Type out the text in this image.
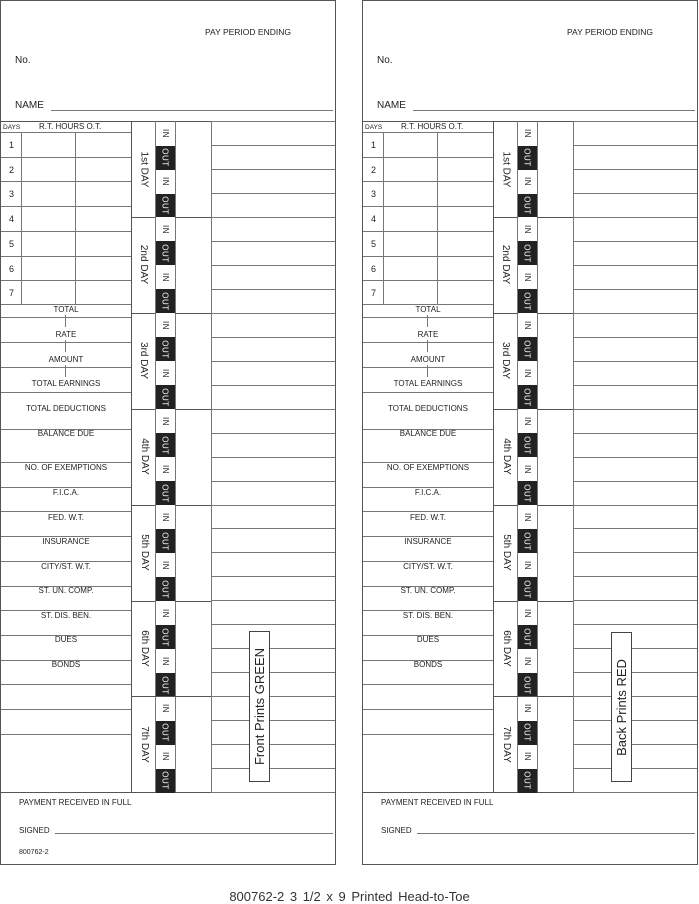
PAY PERIOD ENDING
No.
NAME
DAYS R.T. HOURS O.T.
1
2
3
4
5
6
7
TOTAL
RATE
AMOUNT
TOTAL EARNINGS
TOTAL DEDUCTIONS
BALANCE DUE
NO. OF EXEMPTIONS
F.I.C.A.
FED. W.T.
INSURANCE
CITY/ST. W.T.
ST. UN. COMP.
ST. DIS. BEN.
DUES
BONDS
1st DAY
IN
OUT
IN
OUT
2nd DAY
IN
OUT
IN
OUT
3rd DAY
IN
OUT
IN
OUT
4th DAY
IN
OUT
IN
OUT
5th DAY
IN
OUT
IN
OUT
6th DAY
IN
OUT
IN
OUT
7th DAY
IN
OUT
IN
OUT
Front Prints GREEN
PAYMENT RECEIVED IN FULL
SIGNED
800762-2
PAY PERIOD ENDING
No.
NAME
DAYS R.T. HOURS O.T.
1
2
3
4
5
6
7
TOTAL
RATE
AMOUNT
TOTAL EARNINGS
TOTAL DEDUCTIONS
BALANCE DUE
NO. OF EXEMPTIONS
F.I.C.A.
FED. W.T.
INSURANCE
CITY/ST. W.T.
ST. UN. COMP.
ST. DIS. BEN.
DUES
BONDS
1st DAY
IN
OUT
IN
OUT
2nd DAY
IN
OUT
IN
OUT
3rd DAY
IN
OUT
IN
OUT
4th DAY
IN
OUT
IN
OUT
5th DAY
IN
OUT
IN
OUT
6th DAY
IN
OUT
IN
OUT
7th DAY
IN
OUT
IN
OUT
Back Prints RED
PAYMENT RECEIVED IN FULL
SIGNED
800762-2 3 1/2 x 9 Printed Head-to-Toe
